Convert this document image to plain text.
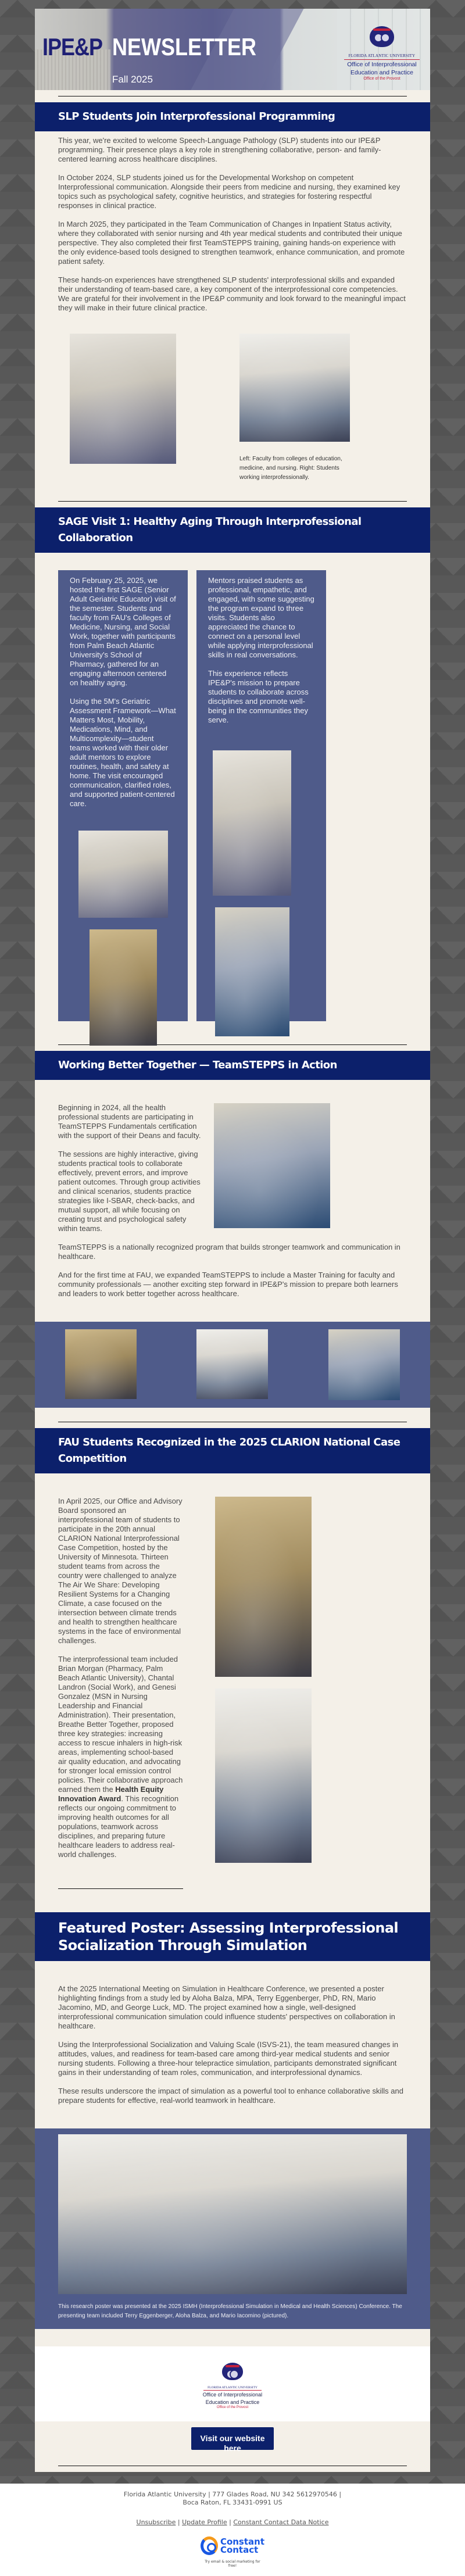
IPE&P NEWSLETTER
Fall 2025
FLORIDA ATLANTIC UNIVERSITY
Office of Interprofessional
Education and Practice
Office of the Provost
SLP Students Join Interprofessional Programming

This year, we're excited to welcome Speech-Language Pathology (SLP) students into our IPE&P programming. Their presence plays a key role in strengthening collaborative, person- and family-centered learning across healthcare disciplines.

In October 2024, SLP students joined us for the Developmental Workshop on competent Interprofessional communication. Alongside their peers from medicine and nursing, they examined key topics such as psychological safety, cognitive heuristics, and strategies for fostering respectful responses in clinical practice.

In March 2025, they participated in the Team Communication of Changes in Inpatient Status activity, where they collaborated with senior nursing and 4th year medical students and contributed their unique perspective. They also completed their first TeamSTEPPS training, gaining hands-on experience with the only evidence-based tools designed to strengthen teamwork, enhance communication, and promote patient safety.

These hands-on experiences have strengthened SLP students' interprofessional skills and expanded their understanding of team-based care, a key component of the interprofessional core competencies. We are grateful for their involvement in the IPE&P community and look forward to the meaningful impact they will make in their future clinical practice.

Left: Faculty from colleges of education, medicine, and nursing. Right: Students working interprofessionally.
SAGE Visit 1: Healthy Aging Through Interprofessional Collaboration

On February 25, 2025, we hosted the first SAGE (Senior Adult Geriatric Educator) visit of the semester. Students and faculty from FAU's Colleges of Medicine, Nursing, and Social Work, together with participants from Palm Beach Atlantic University's School of Pharmacy, gathered for an engaging afternoon centered on healthy aging.

Using the 5M's Geriatric Assessment Framework—What Matters Most, Mobility, Medications, Mind, and Multicomplexity—student teams worked with their older adult mentors to explore routines, health, and safety at home. The visit encouraged communication, clarified roles, and supported patient-centered care.

Mentors praised students as professional, empathetic, and engaged, with some suggesting the program expand to three visits. Students also appreciated the chance to connect on a personal level while applying interprofessional skills in real conversations.

This experience reflects IPE&P's mission to prepare students to collaborate across disciplines and promote well-being in the communities they serve.

Working Better Together — TeamSTEPPS in Action

Beginning in 2024, all the health professional students are participating in TeamSTEPPS Fundamentals certification with the support of their Deans and faculty.

The sessions are highly interactive, giving students practical tools to collaborate effectively, prevent errors, and improve patient outcomes. Through group activities and clinical scenarios, students practice strategies like I-SBAR, check-backs, and mutual support, all while focusing on creating trust and psychological safety within teams.

TeamSTEPPS is a nationally recognized program that builds stronger teamwork and communication in healthcare.

And for the first time at FAU, we expanded TeamSTEPPS to include a Master Training for faculty and community professionals — another exciting step forward in IPE&P's mission to prepare both learners and leaders to work better together across healthcare.

FAU Students Recognized in the 2025 CLARION National Case Competition

In April 2025, our Office and Advisory Board sponsored an interprofessional team of students to participate in the 20th annual CLARION National Interprofessional Case Competition, hosted by the University of Minnesota. Thirteen student teams from across the country were challenged to analyze The Air We Share: Developing Resilient Systems for a Changing Climate, a case focused on the intersection between climate trends and health to strengthen healthcare systems in the face of environmental challenges.

The interprofessional team included Brian Morgan (Pharmacy, Palm Beach Atlantic University), Chantal Landron (Social Work), and Genesi Gonzalez (MSN in Nursing Leadership and Financial Administration). Their presentation, Breathe Better Together, proposed three key strategies: increasing access to rescue inhalers in high-risk areas, implementing school-based air quality education, and advocating for stronger local emission control policies. Their collaborative approach earned them the Health Equity Innovation Award. This recognition reflects our ongoing commitment to improving health outcomes for all populations, teamwork across disciplines, and preparing future healthcare leaders to address real-world challenges.

Featured Poster: Assessing Interprofessional Socialization Through Simulation

At the 2025 International Meeting on Simulation in Healthcare Conference, we presented a poster highlighting findings from a study led by Aloha Balza, MPA, Terry Eggenberger, PhD, RN, Mario Jacomino, MD, and George Luck, MD. The project examined how a single, well-designed interprofessional communication simulation could influence students' perspectives on collaboration in healthcare.

Using the Interprofessional Socialization and Valuing Scale (ISVS-21), the team measured changes in attitudes, values, and readiness for team-based care among third-year medical students and senior nursing students. Following a three-hour telepractice simulation, participants demonstrated significant gains in their understanding of team roles, communication, and interprofessional dynamics.

These results underscore the impact of simulation as a powerful tool to enhance collaborative skills and prepare students for effective, real-world teamwork in healthcare.

This research poster was presented at the 2025 ISMH (Interprofessional Simulation in Medical and Health Sciences) Conference. The presenting team included Terry Eggenberger, Aloha Balza, and Mario Iacomino (pictured).
FLORIDA ATLANTIC UNIVERSITY
Office of Interprofessional
Education and Practice
Office of the Provost
Visit our website here
Florida Atlantic University | 777 Glades Road, NU 342 5612970546 | Boca Raton, FL 33431-0991 US
Unsubscribe | Update Profile | Constant Contact Data Notice
Constant
Contact
Try email & social marketing for free!
